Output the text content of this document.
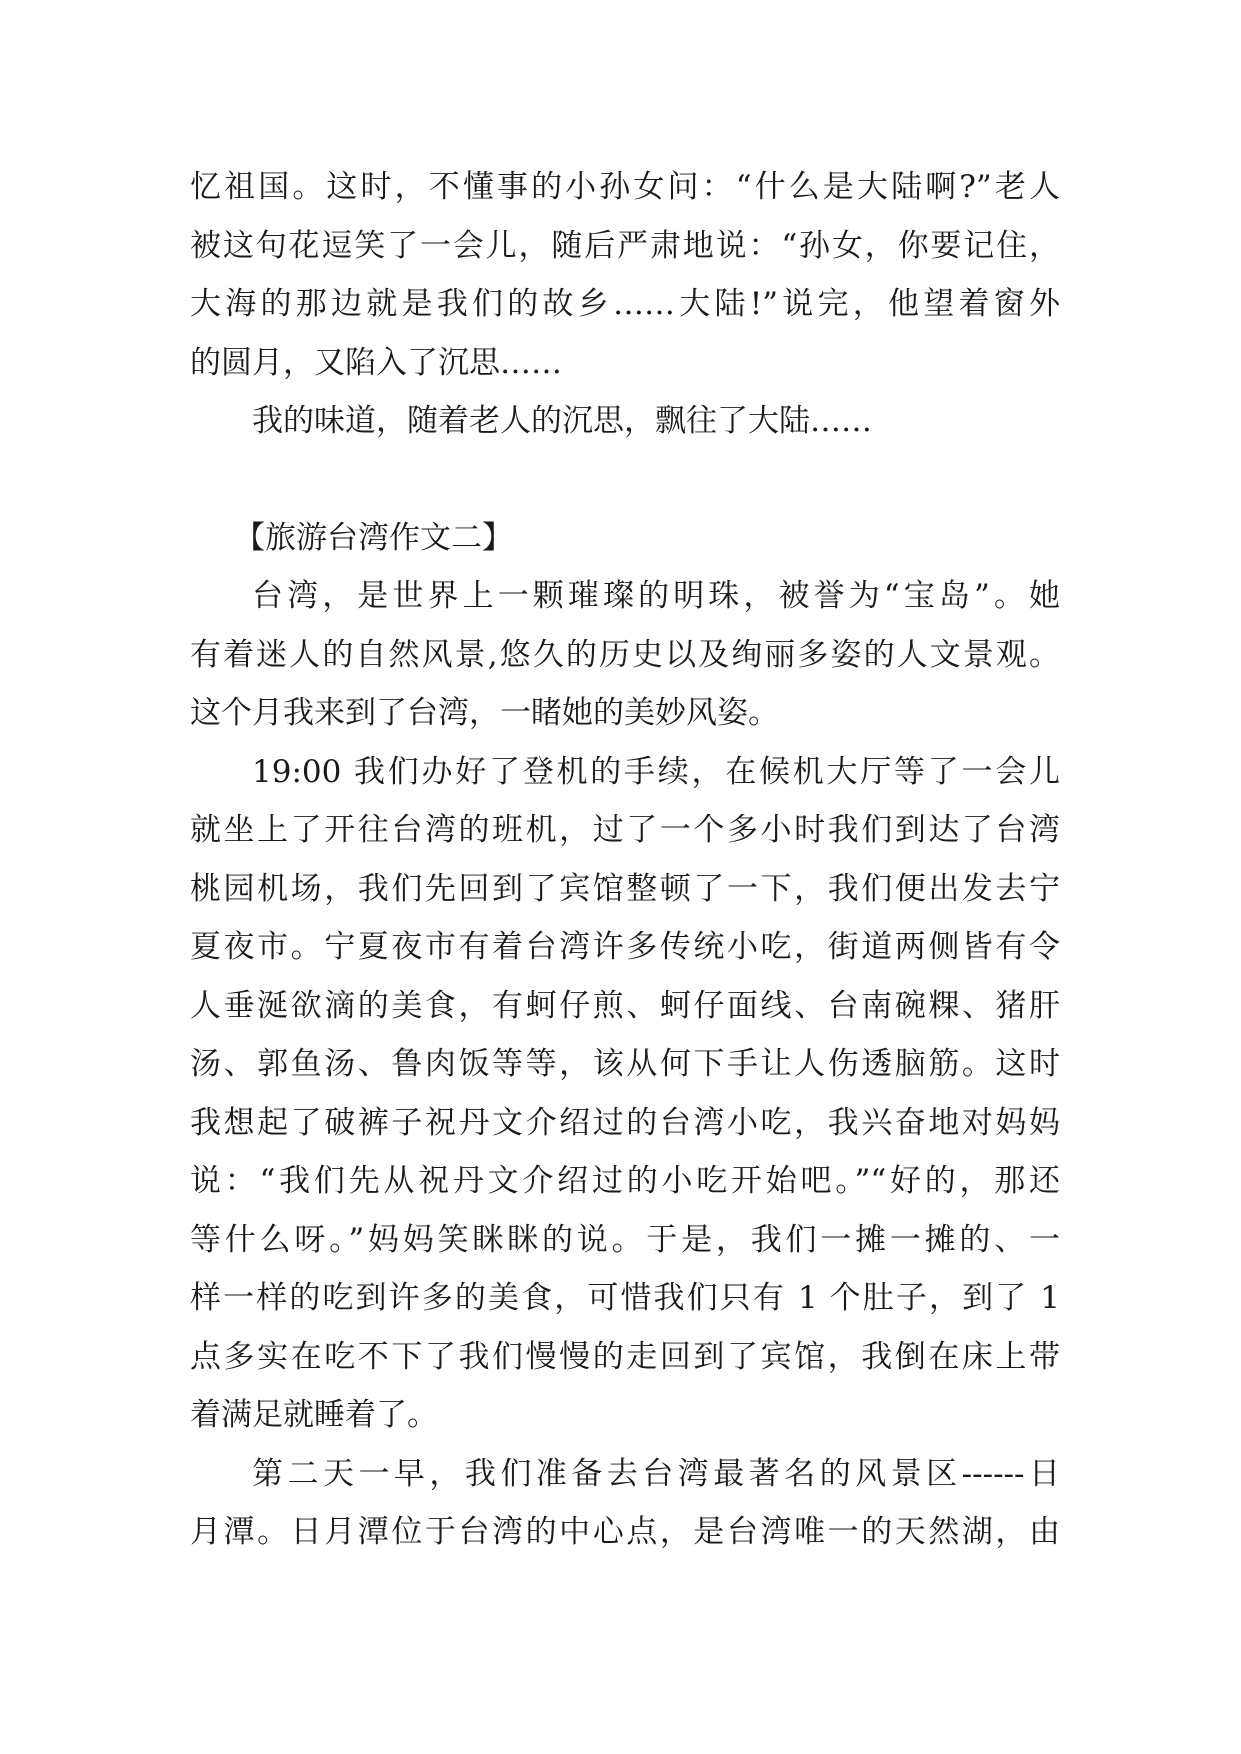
忆祖国。这时，不懂事的小孙女问：“什么是大陆啊?”老人
被这句花逗笑了一会儿，随后严肃地说：“孙女，你要记住，
大海的那边就是我们的故乡……大陆!”说完，他望着窗外
的圆月，又陷入了沉思……

我的味道，随着老人的沉思，飘往了大陆……

【旅游台湾作文二】

台湾，是世界上一颗璀璨的明珠，被誉为“宝岛”。她
有着迷人的自然风景,悠久的历史以及绚丽多姿的人文景观。
这个月我来到了台湾，一睹她的美妙风姿。

19:00 我们办好了登机的手续，在候机大厅等了一会儿
就坐上了开往台湾的班机，过了一个多小时我们到达了台湾
桃园机场，我们先回到了宾馆整顿了一下，我们便出发去宁
夏夜市。宁夏夜市有着台湾许多传统小吃，街道两侧皆有令
人垂涎欲滴的美食，有蚵仔煎、蚵仔面线、台南碗粿、猪肝
汤、郭鱼汤、鲁肉饭等等，该从何下手让人伤透脑筋。这时
我想起了破裤子祝丹文介绍过的台湾小吃，我兴奋地对妈妈
说：“我们先从祝丹文介绍过的小吃开始吧。”“好的，那还
等什么呀。”妈妈笑眯眯的说。于是，我们一摊一摊的、一
样一样的吃到许多的美食，可惜我们只有 1 个肚子，到了 1
点多实在吃不下了我们慢慢的走回到了宾馆，我倒在床上带
着满足就睡着了。

第二天一早，我们准备去台湾最著名的风景区------日
月潭。日月潭位于台湾的中心点，是台湾唯一的天然湖，由
